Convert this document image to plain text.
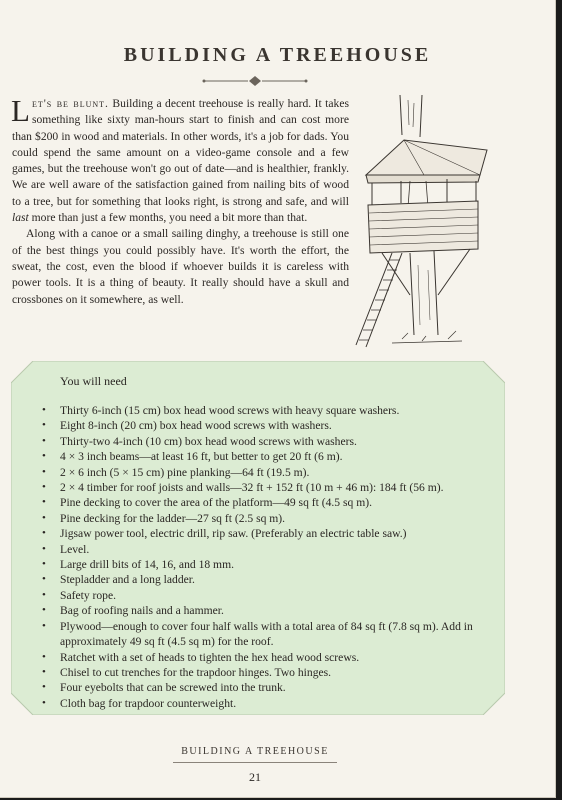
BUILDING A TREEHOUSE

Let's be blunt. Building a decent treehouse is really hard. It takes something like sixty man-hours start to finish and can cost more than $200 in wood and materials. In other words, it's a job for dads. You could spend the same amount on a video-game console and a few games, but the treehouse won't go out of date—and is healthier, frankly. We are well aware of the satisfaction gained from nailing bits of wood to a tree, but for something that looks right, is strong and safe, and will last more than just a few months, you need a bit more than that.

Along with a canoe or a small sailing dinghy, a treehouse is still one of the best things you could possibly have. It's worth the effort, the sweat, the cost, even the blood if whoever builds it is careless with power tools. It is a thing of beauty. It really should have a skull and crossbones on it somewhere, as well.

You will need
• Thirty 6-inch (15 cm) box head wood screws with heavy square washers.
• Eight 8-inch (20 cm) box head wood screws with washers.
• Thirty-two 4-inch (10 cm) box head wood screws with washers.
• 4 × 3 inch beams—at least 16 ft, but better to get 20 ft (6 m).
• 2 × 6 inch (5 × 15 cm) pine planking—64 ft (19.5 m).
• 2 × 4 timber for roof joists and walls—32 ft + 152 ft (10 m + 46 m): 184 ft (56 m).
• Pine decking to cover the area of the platform—49 sq ft (4.5 sq m).
• Pine decking for the ladder—27 sq ft (2.5 sq m).
• Jigsaw power tool, electric drill, rip saw. (Preferably an electric table saw.)
• Level.
• Large drill bits of 14, 16, and 18 mm.
• Stepladder and a long ladder.
• Safety rope.
• Bag of roofing nails and a hammer.
• Plywood—enough to cover four half walls with a total area of 84 sq ft (7.8 sq m). Add in approximately 49 sq ft (4.5 sq m) for the roof.
• Ratchet with a set of heads to tighten the hex head wood screws.
• Chisel to cut trenches for the trapdoor hinges. Two hinges.
• Four eyebolts that can be screwed into the trunk.
• Cloth bag for trapdoor counterweight.
BUILDING A TREEHOUSE
21
